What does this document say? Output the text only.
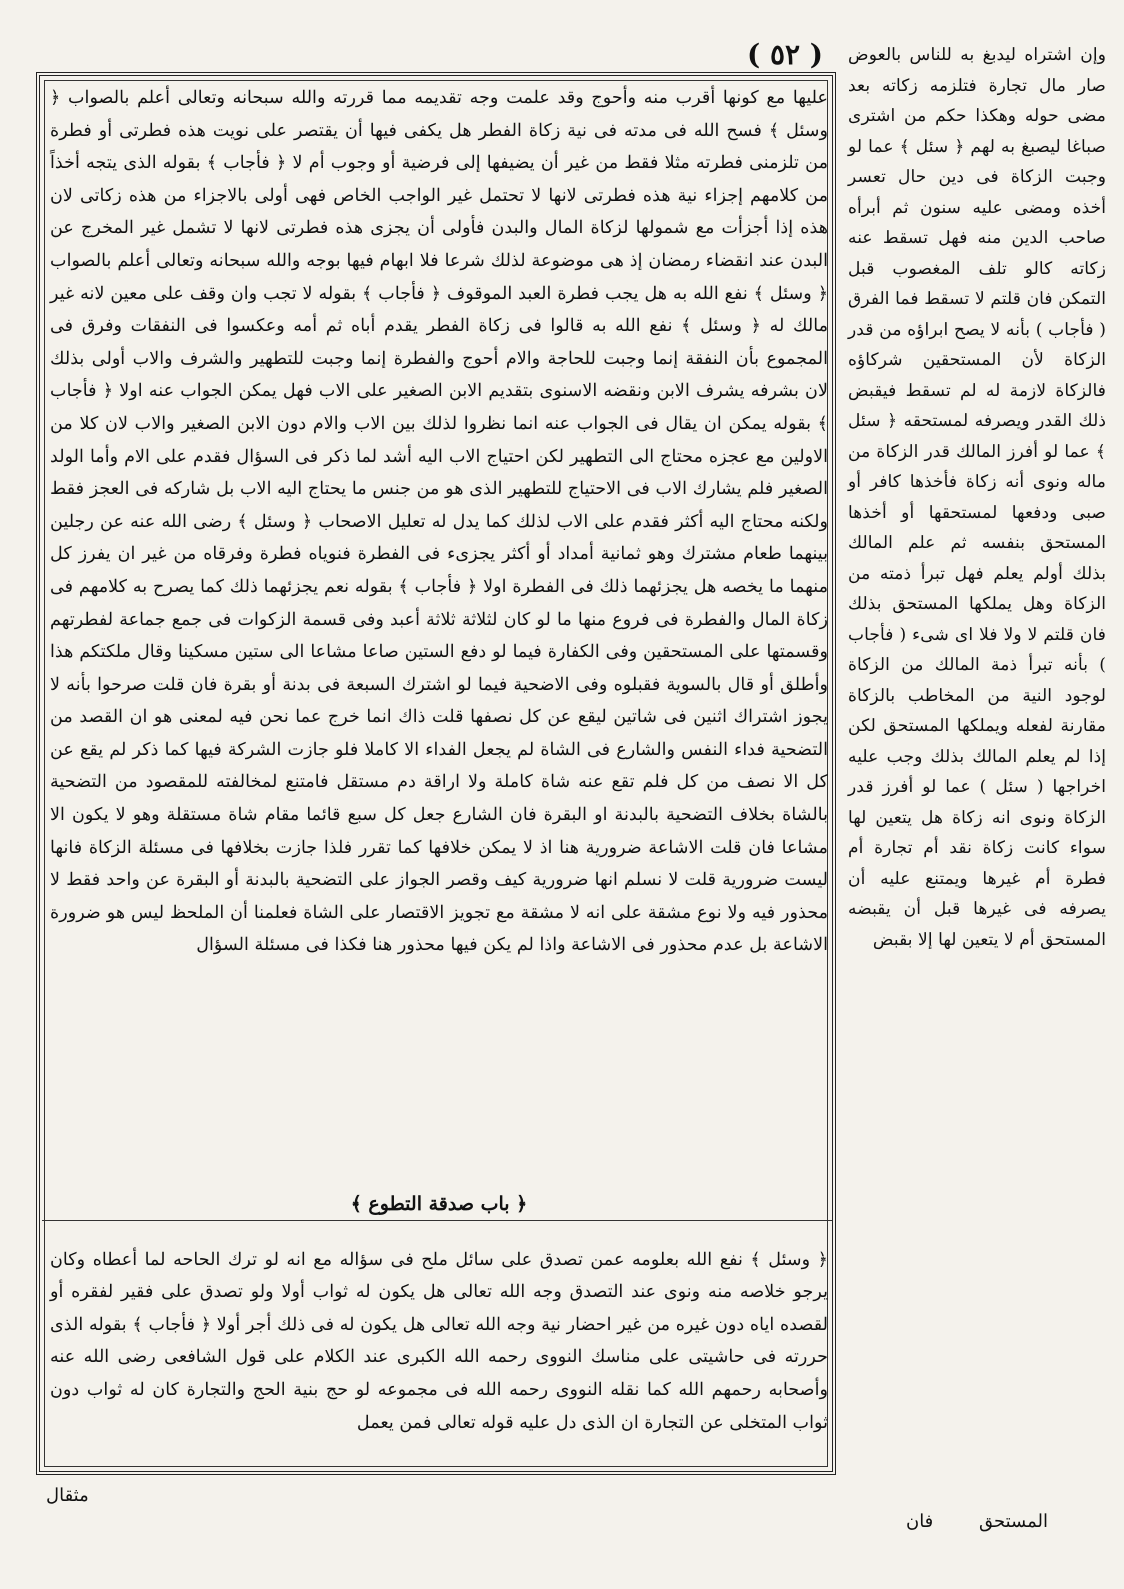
( ٥٢ )

عليها مع كونها أقرب منه وأحوج وقد علمت وجه تقديمه مما قررته والله سبحانه وتعالى أعلم بالصواب ﴿ وسئل ﴾ فسح الله فى مدته فى نية زكاة الفطر هل يكفى فيها أن يقتصر على نويت هذه فطرتى أو فطرة من تلزمنى فطرته مثلا فقط من غير أن يضيفها إلى فرضية أو وجوب أم لا ﴿ فأجاب ﴾ بقوله الذى يتجه أخذاً من كلامهم إجزاء نية هذه فطرتى لانها لا تحتمل غير الواجب الخاص فهى أولى بالاجزاء من هذه زكاتى لان هذه إذا أجزأت مع شمولها لزكاة المال والبدن فأولى أن يجزى هذه فطرتى لانها لا تشمل غير المخرج عن البدن عند انقضاء رمضان إذ هى موضوعة لذلك شرعا فلا ابهام فيها بوجه والله سبحانه وتعالى أعلم بالصواب ﴿ وسئل ﴾ نفع الله به هل يجب فطرة العبد الموقوف ﴿ فأجاب ﴾ بقوله لا تجب وان وقف على معين لانه غير مالك له ﴿ وسئل ﴾ نفع الله به قالوا فى زكاة الفطر يقدم أباه ثم أمه وعكسوا فى النفقات وفرق فى المجموع بأن النفقة إنما وجبت للحاجة والام أحوج والفطرة إنما وجبت للتطهير والشرف والاب أولى بذلك لان بشرفه يشرف الابن ونقضه الاسنوى بتقديم الابن الصغير على الاب فهل يمكن الجواب عنه اولا ﴿ فأجاب ﴾ بقوله يمكن ان يقال فى الجواب عنه انما نظروا لذلك بين الاب والام دون الابن الصغير والاب لان كلا من الاولين مع عجزه محتاج الى التطهير لكن احتياج الاب اليه أشد لما ذكر فى السؤال فقدم على الام وأما الولد الصغير فلم يشارك الاب فى الاحتياج للتطهير الذى هو من جنس ما يحتاج اليه الاب بل شاركه فى العجز فقط ولكنه محتاج اليه أكثر فقدم على الاب لذلك كما يدل له تعليل الاصحاب ﴿ وسئل ﴾ رضى الله عنه عن رجلين بينهما طعام مشترك وهو ثمانية أمداد أو أكثر يجزىء فى الفطرة فنوياه فطرة وفرقاه من غير ان يفرز كل منهما ما يخصه هل يجزئهما ذلك فى الفطرة اولا ﴿ فأجاب ﴾ بقوله نعم يجزئهما ذلك كما يصرح به كلامهم فى زكاة المال والفطرة فى فروع منها ما لو كان لثلاثة ثلاثة أعبد وفى قسمة الزكوات فى جمع جماعة لفطرتهم وقسمتها على المستحقين وفى الكفارة فيما لو دفع الستين صاعا مشاعا الى ستين مسكينا وقال ملكتكم هذا وأطلق أو قال بالسوية فقبلوه وفى الاضحية فيما لو اشترك السبعة فى بدنة أو بقرة فان قلت صرحوا بأنه لا يجوز اشتراك اثنين فى شاتين ليقع عن كل نصفها قلت ذاك انما خرج عما نحن فيه لمعنى هو ان القصد من التضحية فداء النفس والشارع فى الشاة لم يجعل الفداء الا كاملا فلو جازت الشركة فيها كما ذكر لم يقع عن كل الا نصف من كل فلم تقع عنه شاة كاملة ولا اراقة دم مستقل فامتنع لمخالفته للمقصود من التضحية بالشاة بخلاف التضحية بالبدنة او البقرة فان الشارع جعل كل سبع قائما مقام شاة مستقلة وهو لا يكون الا مشاعا فان قلت الاشاعة ضرورية هنا اذ لا يمكن خلافها كما تقرر فلذا جازت بخلافها فى مسئلة الزكاة فانها ليست ضرورية قلت لا نسلم انها ضرورية كيف وقصر الجواز على التضحية بالبدنة أو البقرة عن واحد فقط لا محذور فيه ولا نوع مشقة على انه لا مشقة مع تجويز الاقتصار على الشاة فعلمنا أن الملحظ ليس هو ضرورة الاشاعة بل عدم محذور فى الاشاعة واذا لم يكن فيها محذور هنا فكذا فى مسئلة السؤال

﴿ باب صدقة التطوع ﴾

﴿ وسئل ﴾ نفع الله بعلومه عمن تصدق على سائل ملح فى سؤاله مع انه لو ترك الحاحه لما أعطاه وكان يرجو خلاصه منه ونوى عند التصدق وجه الله تعالى هل يكون له ثواب أولا ولو تصدق على فقير لفقره أو لقصده اياه دون غيره من غير احضار نية وجه الله تعالى هل يكون له فى ذلك أجر أولا ﴿ فأجاب ﴾ بقوله الذى حررته فى حاشيتى على مناسك النووى رحمه الله الكبرى عند الكلام على قول الشافعى رضى الله عنه وأصحابه رحمهم الله كما نقله النووى رحمه الله فى مجموعه لو حج بنية الحج والتجارة كان له ثواب دون ثواب المتخلى عن التجارة ان الذى دل عليه قوله تعالى فمن يعمل

وإن اشتراه ليدبغ به للناس بالعوض صار مال تجارة فتلزمه زكاته بعد مضى حوله وهكذا حكم من اشترى صباغا ليصبغ به لهم ﴿ سئل ﴾ عما لو وجبت الزكاة فى دين حال تعسر أخذه ومضى عليه سنون ثم أبرأه صاحب الدين منه فهل تسقط عنه زكاته كالو تلف المغصوب قبل التمكن فان قلتم لا تسقط فما الفرق ( فأجاب ) بأنه لا يصح ابراؤه من قدر الزكاة لأن المستحقين شركاؤه فالزكاة لازمة له لم تسقط فيقبض ذلك القدر ويصرفه لمستحقه ﴿ سئل ﴾ عما لو أفرز المالك قدر الزكاة من ماله ونوى أنه زكاة فأخذها كافر أو صبى ودفعها لمستحقها أو أخذها المستحق بنفسه ثم علم المالك بذلك أولم يعلم فهل تبرأ ذمته من الزكاة وهل يملكها المستحق بذلك فان قلتم لا ولا فلا اى شىء ( فأجاب ) بأنه تبرأ ذمة المالك من الزكاة لوجود النية من المخاطب بالزكاة مقارنة لفعله ويملكها المستحق لكن إذا لم يعلم المالك بذلك وجب عليه اخراجها ( سئل ) عما لو أفرز قدر الزكاة ونوى انه زكاة هل يتعين لها سواء كانت زكاة نقد أم تجارة أم فطرة أم غيرها ويمتنع عليه أن يصرفه فى غيرها قبل أن يقبضه المستحق أم لا يتعين لها إلا بقبض

مثقال
المستحق فان
